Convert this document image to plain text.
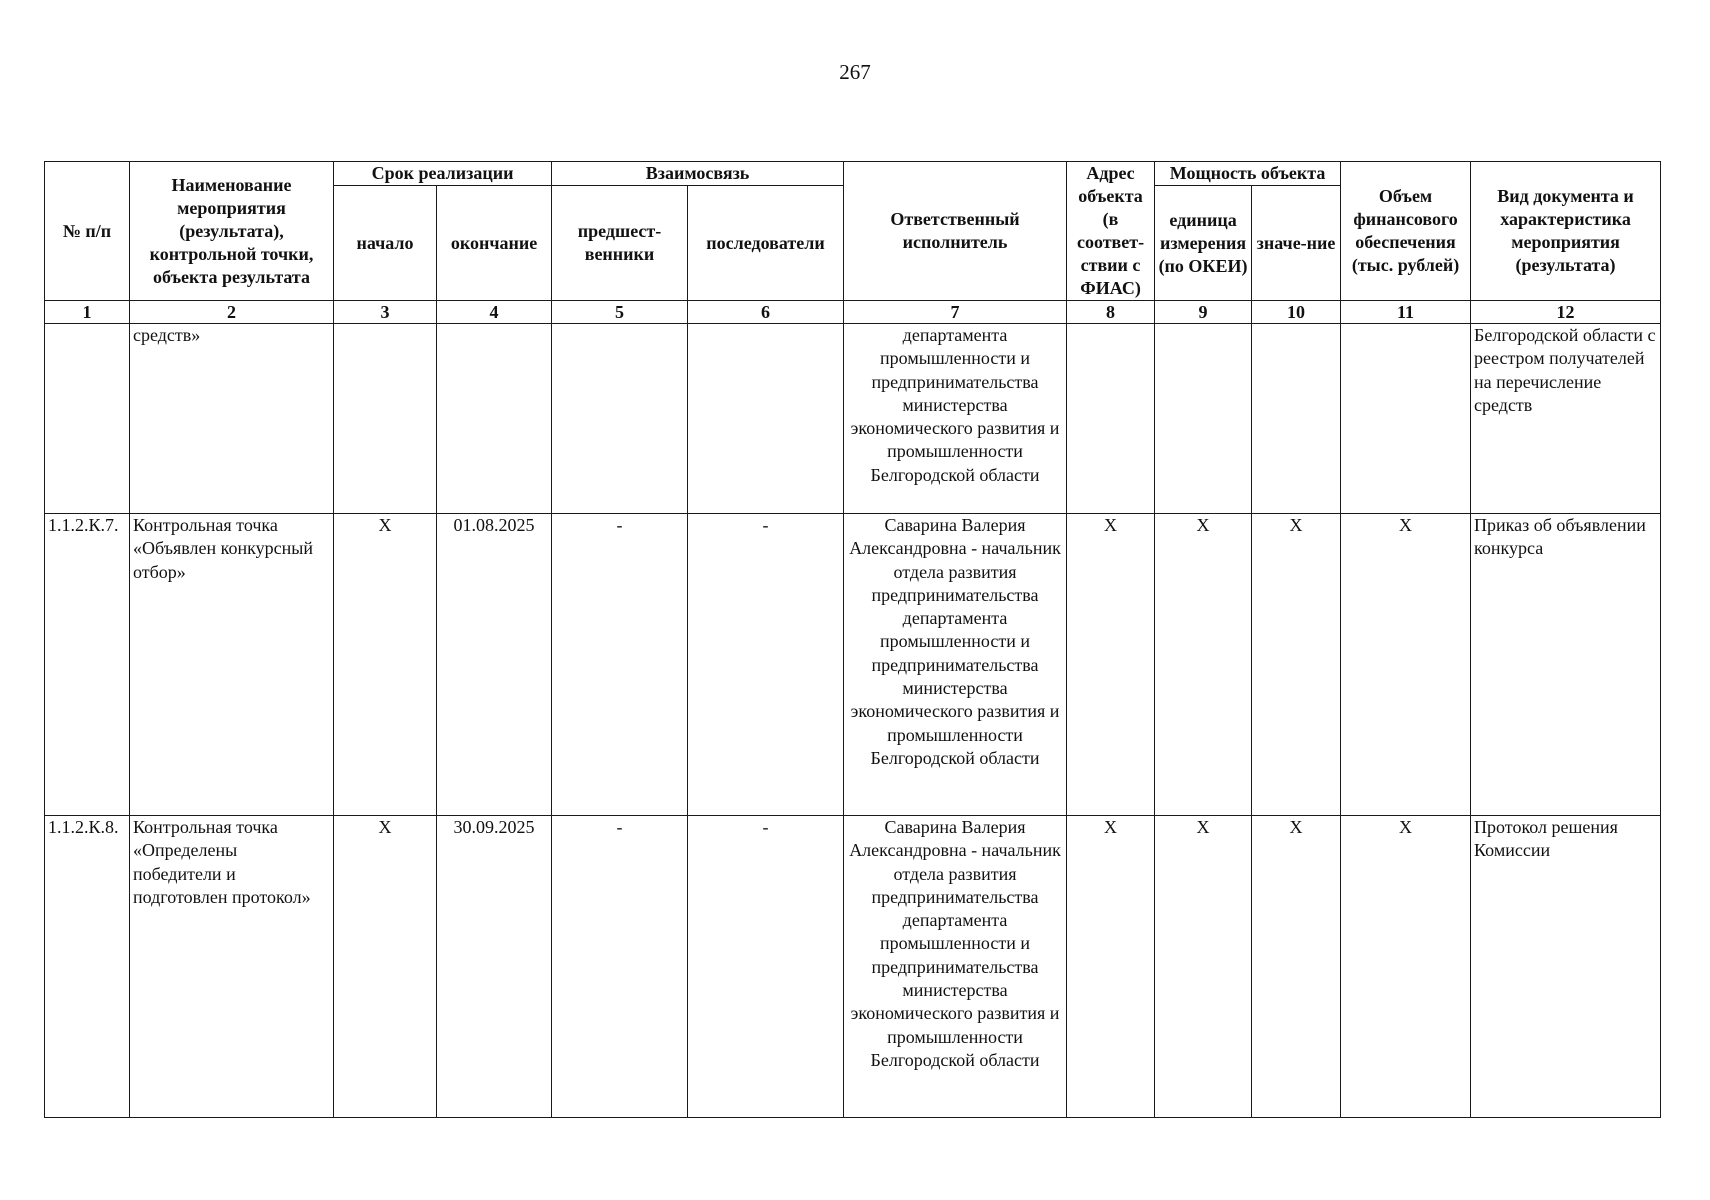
267
№ п/п	Наименование мероприятия (результата), контрольной точки, объекта результата	Срок реализации		Взаимосвязь		Ответственный исполнитель	Адрес объекта (в соответ-ствии с ФИАС)	Мощность объекта		Объем финансового обеспечения (тыс. рублей)	Вид документа и характеристика мероприятия (результата)
		начало	окончание	предшест-венники	последователи			единица измерения (по ОКЕИ)	значе-ние		
1	2	3	4	5	6	7	8	9	10	11	12
	средств»					департамента промышленности и предпринимательства министерства экономического развития и промышленности Белгородской области					Белгородской области с реестром получателей на перечисление средств
1.1.2.К.7.	Контрольная точка «Объявлен конкурсный отбор»	X	01.08.2025	-	-	Саварина Валерия Александровна - начальник отдела развития предпринимательства департамента промышленности и предпринимательства министерства экономического развития и промышленности Белгородской области	X	X	X	X	Приказ об объявлении конкурса
1.1.2.К.8.	Контрольная точка «Определены победители и подготовлен протокол»	X	30.09.2025	-	-	Саварина Валерия Александровна - начальник отдела развития предпринимательства департамента промышленности и предпринимательства министерства экономического развития и промышленности Белгородской области	X	X	X	X	Протокол решения Комиссии
